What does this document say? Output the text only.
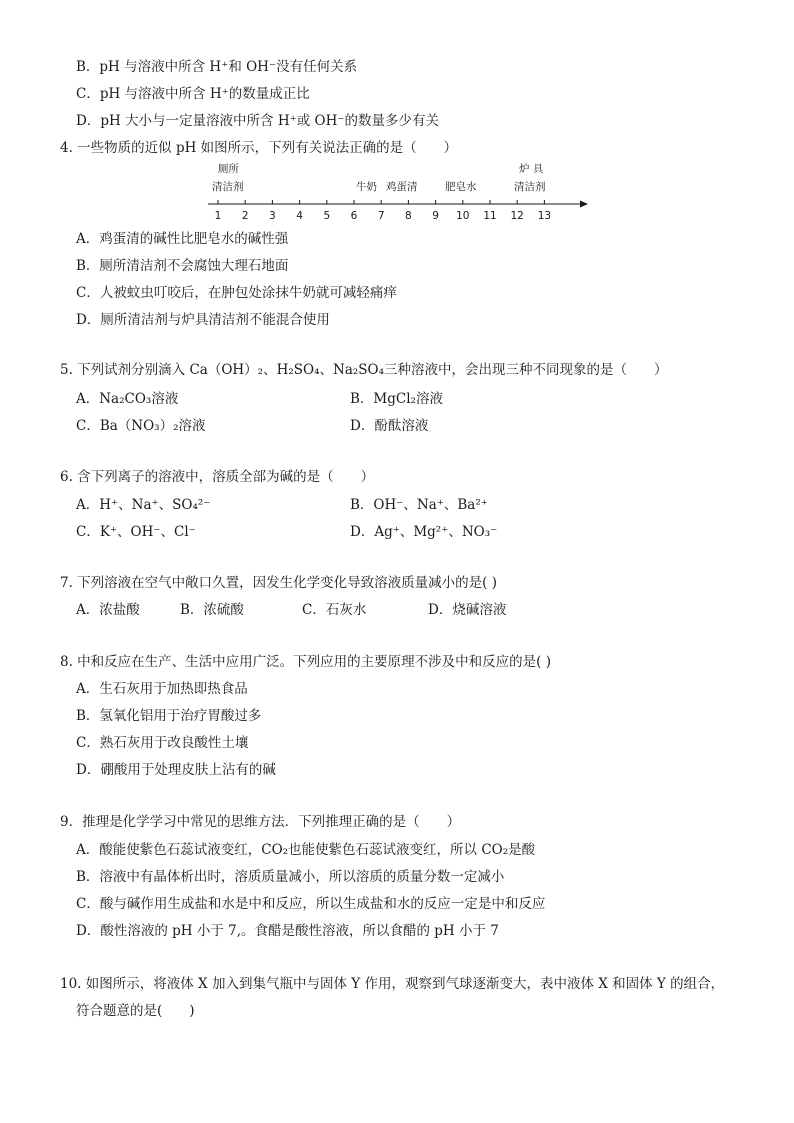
B．pH 与溶液中所含 H⁺和 OH⁻没有任何关系
C．pH 与溶液中所含 H⁺的数量成正比
D．pH 大小与一定量溶液中所含 H⁺或 OH⁻的数量多少有关
4. 一些物质的近似 pH 如图所示，下列有关说法正确的是（　　）
厕所
清洁剂	牛奶 鸡蛋清	肥皂水
炉 具
清洁剂
1 2 3 4 5 6 7 8 9 10 11 12 13
A．鸡蛋清的碱性比肥皂水的碱性强
B．厕所清洁剂不会腐蚀大理石地面
C．人被蚊虫叮咬后，在肿包处涂抹牛奶就可减轻痛痒
D．厕所清洁剂与炉具清洁剂不能混合使用
5. 下列试剂分别滴入 Ca（OH）₂、H₂SO₄、Na₂SO₄三种溶液中，会出现三种不同现象的是（　　）
A．Na₂CO₃溶液	B．MgCl₂溶液
C．Ba（NO₃）₂溶液	D．酚酞溶液
6. 含下列离子的溶液中，溶质全部为碱的是（　　）
A．H⁺、Na⁺、SO₄²⁻	B．OH⁻、Na⁺、Ba²⁺
C．K⁺、OH⁻、Cl⁻	D．Ag⁺、Mg²⁺、NO₃⁻
7. 下列溶液在空气中敞口久置，因发生化学变化导致溶液质量减小的是( )
A．浓盐酸	B．浓硫酸	C．石灰水	D．烧碱溶液
8. 中和反应在生产、生活中应用广泛。下列应用的主要原理不涉及中和反应的是( )
A．生石灰用于加热即热食品
B．氢氧化铝用于治疗胃酸过多
C．熟石灰用于改良酸性土壤
D．硼酸用于处理皮肤上沾有的碱
9．推理是化学学习中常见的思维方法．下列推理正确的是（　　）
A．酸能使紫色石蕊试液变红，CO₂也能使紫色石蕊试液变红，所以 CO₂是酸
B．溶液中有晶体析出时，溶质质量减小，所以溶质的质量分数一定减小
C．酸与碱作用生成盐和水是中和反应，所以生成盐和水的反应一定是中和反应
D．酸性溶液的 pH 小于 7,。食醋是酸性溶液，所以食醋的 pH 小于 7
10. 如图所示，将液体 X 加入到集气瓶中与固体 Y 作用，观察到气球逐渐变大，表中液体 X 和固体 Y 的组合，
符合题意的是(　　)
